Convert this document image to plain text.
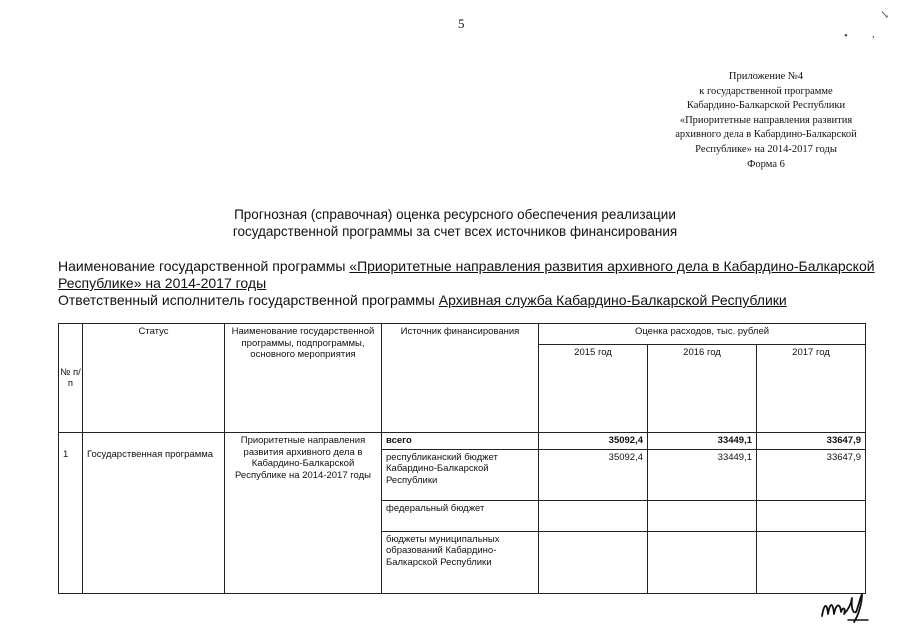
5
↘
• ,
Приложение №4
к государственной программе
Кабардино-Балкарской Республики
«Приоритетные направления развития
архивного дела в Кабардино-Балкарской
Республике» на 2014-2017 годы
Форма 6
Прогнозная (справочная) оценка ресурсного обеспечения реализации
государственной программы за счет всех источников финансирования
Наименование государственной программы «Приоритетные направления развития архивного дела в Кабардино-Балкарской Республике» на 2014-2017 годы
Ответственный исполнитель государственной программы Архивная служба Кабардино-Балкарской Республики
№ п/п	Статус	Наименование государственной программы, подпрограммы, основного мероприятия	Источник финансирования	Оценка расходов, тыс. рублей		
				2015 год	2016 год	2017 год
1	Государственная программа	Приоритетные направления развития архивного дела в Кабардино-Балкарской Республике на 2014-2017 годы	всего	35092,4	33449,1	33647,9
			республиканский бюджет Кабардино-Балкарской Республики	35092,4	33449,1	33647,9
			федеральный бюджет			
			бюджеты муниципальных образований Кабардино-Балкарской Республики			
